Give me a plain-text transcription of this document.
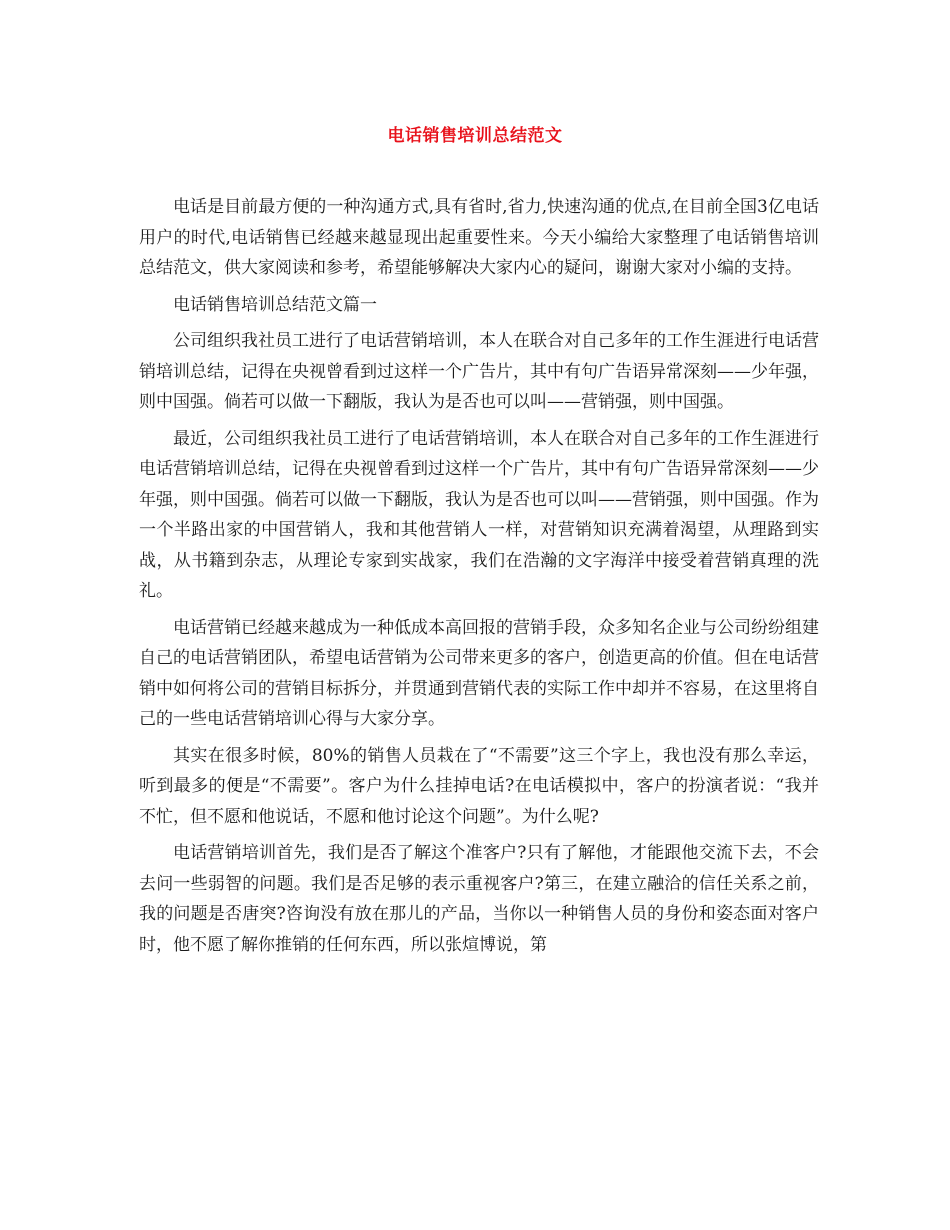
电话销售培训总结范文

电话是目前最方便的一种沟通方式,具有省时,省力,快速沟通的优点,在目前全国3亿电话用户的时代,电话销售已经越来越显现出起重要性来。今天小编给大家整理了电话销售培训总结范文，供大家阅读和参考，希望能够解决大家内心的疑问，谢谢大家对小编的支持。

电话销售培训总结范文篇一

公司组织我社员工进行了电话营销培训，本人在联合对自己多年的工作生涯进行电话营销培训总结，记得在央视曾看到过这样一个广告片，其中有句广告语异常深刻——少年强，则中国强。倘若可以做一下翻版，我认为是否也可以叫——营销强，则中国强。

最近，公司组织我社员工进行了电话营销培训，本人在联合对自己多年的工作生涯进行电话营销培训总结，记得在央视曾看到过这样一个广告片，其中有句广告语异常深刻——少年强，则中国强。倘若可以做一下翻版，我认为是否也可以叫——营销强，则中国强。作为一个半路出家的中国营销人，我和其他营销人一样，对营销知识充满着渴望，从理路到实战，从书籍到杂志，从理论专家到实战家，我们在浩瀚的文字海洋中接受着营销真理的洗礼。

电话营销已经越来越成为一种低成本高回报的营销手段，众多知名企业与公司纷纷组建自己的电话营销团队，希望电话营销为公司带来更多的客户，创造更高的价值。但在电话营销中如何将公司的营销目标拆分，并贯通到营销代表的实际工作中却并不容易，在这里将自己的一些电话营销培训心得与大家分享。

其实在很多时候，80%的销售人员栽在了“不需要”这三个字上，我也没有那么幸运，听到最多的便是“不需要”。客户为什么挂掉电话?在电话模拟中，客户的扮演者说：“我并不忙，但不愿和他说话，不愿和他讨论这个问题”。为什么呢?

电话营销培训首先，我们是否了解这个准客户?只有了解他，才能跟他交流下去，不会去问一些弱智的问题。我们是否足够的表示重视客户?第三，在建立融洽的信任关系之前，我的问题是否唐突?咨询没有放在那儿的产品，当你以一种销售人员的身份和姿态面对客户时，他不愿了解你推销的任何东西，所以张煊博说，第
